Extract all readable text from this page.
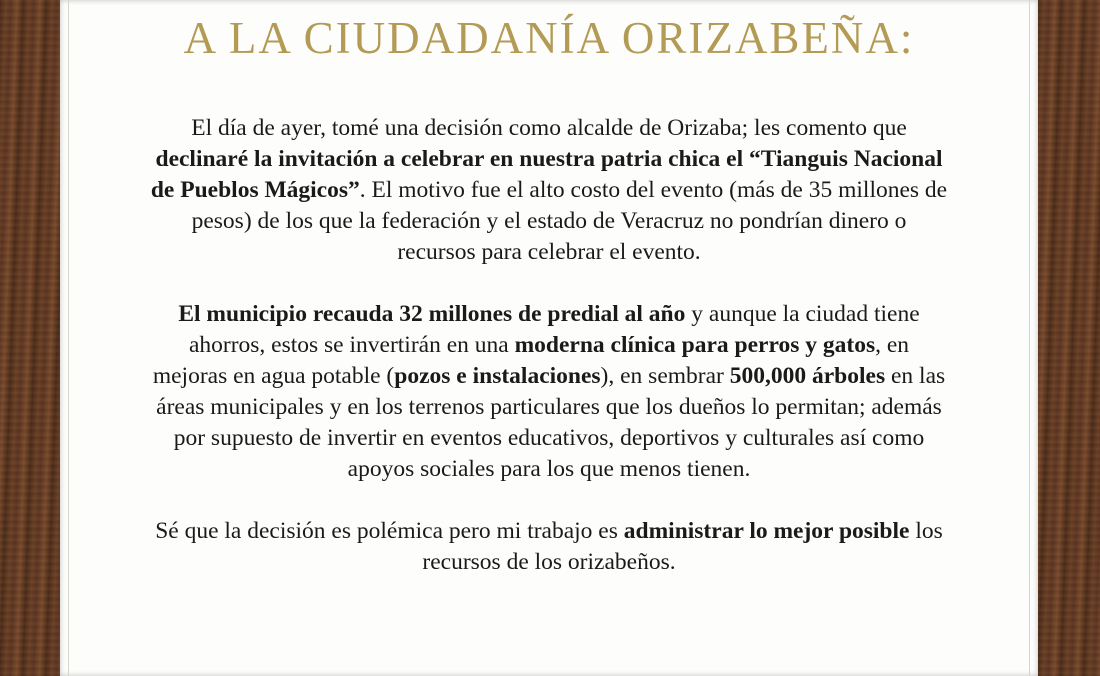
A LA CIUDADANÍA ORIZABEÑA:

El día de ayer, tomé una decisión como alcalde de Orizaba; les comento que declinaré la invitación a celebrar en nuestra patria chica el “Tianguis Nacional de Pueblos Mágicos”. El motivo fue el alto costo del evento (más de 35 millones de pesos) de los que la federación y el estado de Veracruz no pondrían dinero o recursos para celebrar el evento.

El municipio recauda 32 millones de predial al año y aunque la ciudad tiene ahorros, estos se invertirán en una moderna clínica para perros y gatos, en mejoras en agua potable (pozos e instalaciones), en sembrar 500,000 árboles en las áreas municipales y en los terrenos particulares que los dueños lo permitan; además por supuesto de invertir en eventos educativos, deportivos y culturales así como apoyos sociales para los que menos tienen.

Sé que la decisión es polémica pero mi trabajo es administrar lo mejor posible los recursos de los orizabeños.
